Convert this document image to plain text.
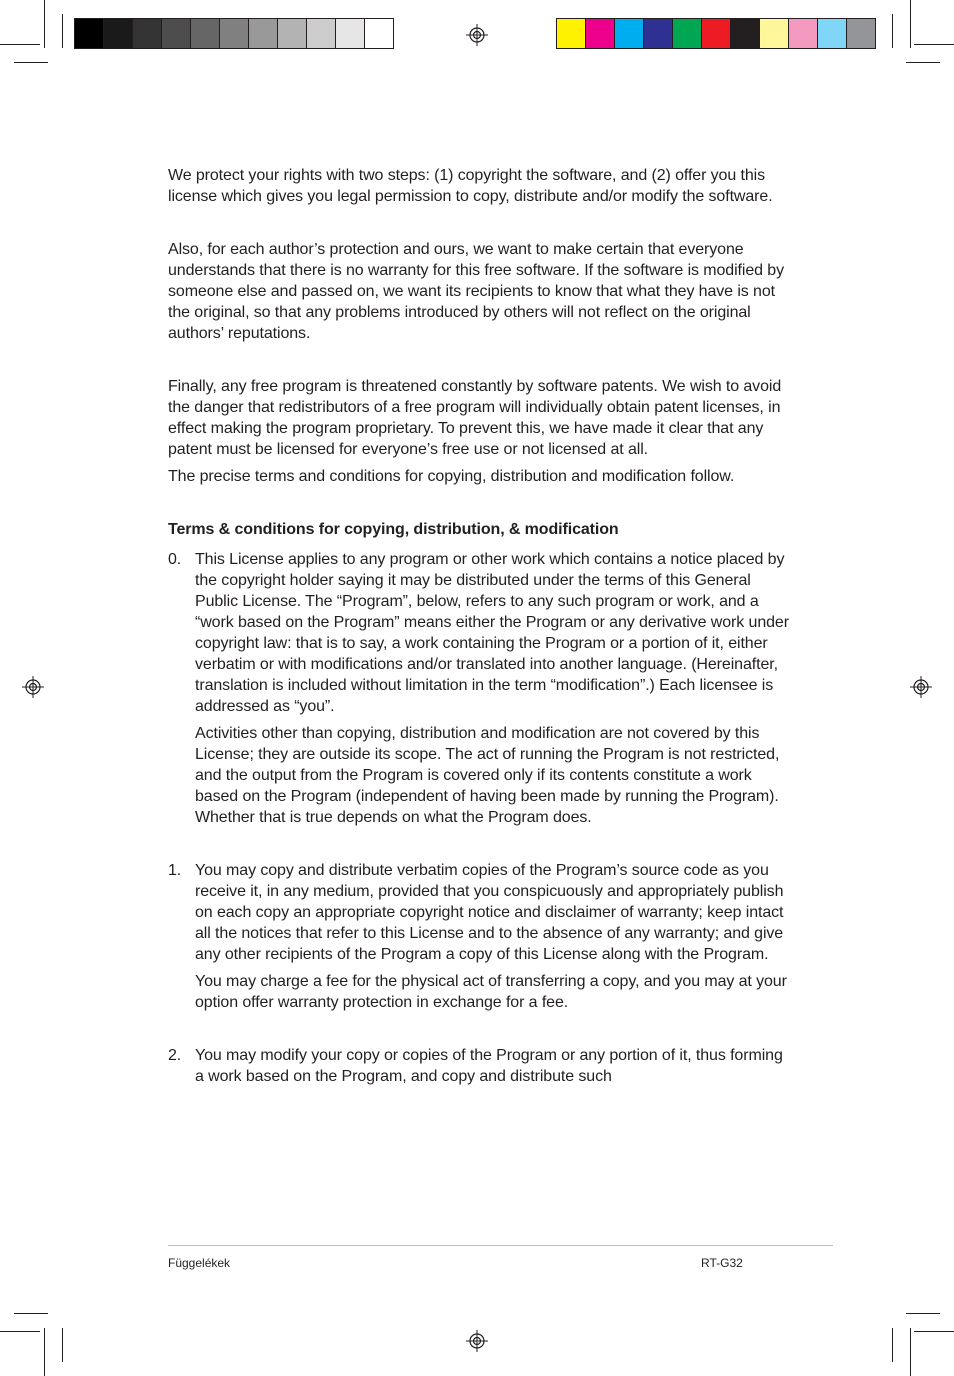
We protect your rights with two steps: (1) copyright the software, and (2) offer you this license which gives you legal permission to copy, distribute and/or modify the software.

Also, for each author’s protection and ours, we want to make certain that everyone understands that there is no warranty for this free software. If the software is modified by someone else and passed on, we want its recipients to know that what they have is not the original, so that any problems introduced by others will not reflect on the original authors’ reputations.

Finally, any free program is threatened constantly by software patents. We wish to avoid the danger that redistributors of a free program will individually obtain patent licenses, in effect making the program proprietary. To prevent this, we have made it clear that any patent must be licensed for everyone’s free use or not licensed at all.

The precise terms and conditions for copying, distribution and modification follow.

Terms & conditions for copying, distribution, & modification

0. This License applies to any program or other work which contains a notice placed by the copyright holder saying it may be distributed under the terms of this General Public License. The “Program”, below, refers to any such program or work, and a “work based on the Program” means either the Program or any derivative work under copyright law: that is to say, a work containing the Program or a portion of it, either verbatim or with modifications and/or translated into another language. (Hereinafter, translation is included without limitation in the term “modification”.) Each licensee is addressed as “you”.

Activities other than copying, distribution and modification are not covered by this License; they are outside its scope. The act of running the Program is not restricted, and the output from the Program is covered only if its contents constitute a work based on the Program (independent of having been made by running the Program). Whether that is true depends on what the Program does.

1. You may copy and distribute verbatim copies of the Program’s source code as you receive it, in any medium, provided that you conspicuously and appropriately publish on each copy an appropriate copyright notice and disclaimer of warranty; keep intact all the notices that refer to this License and to the absence of any warranty; and give any other recipients of the Program a copy of this License along with the Program.

You may charge a fee for the physical act of transferring a copy, and you may at your option offer warranty protection in exchange for a fee.

2. You may modify your copy or copies of the Program or any portion of it, thus forming a work based on the Program, and copy and distribute such

Függelékek	RT-G32
